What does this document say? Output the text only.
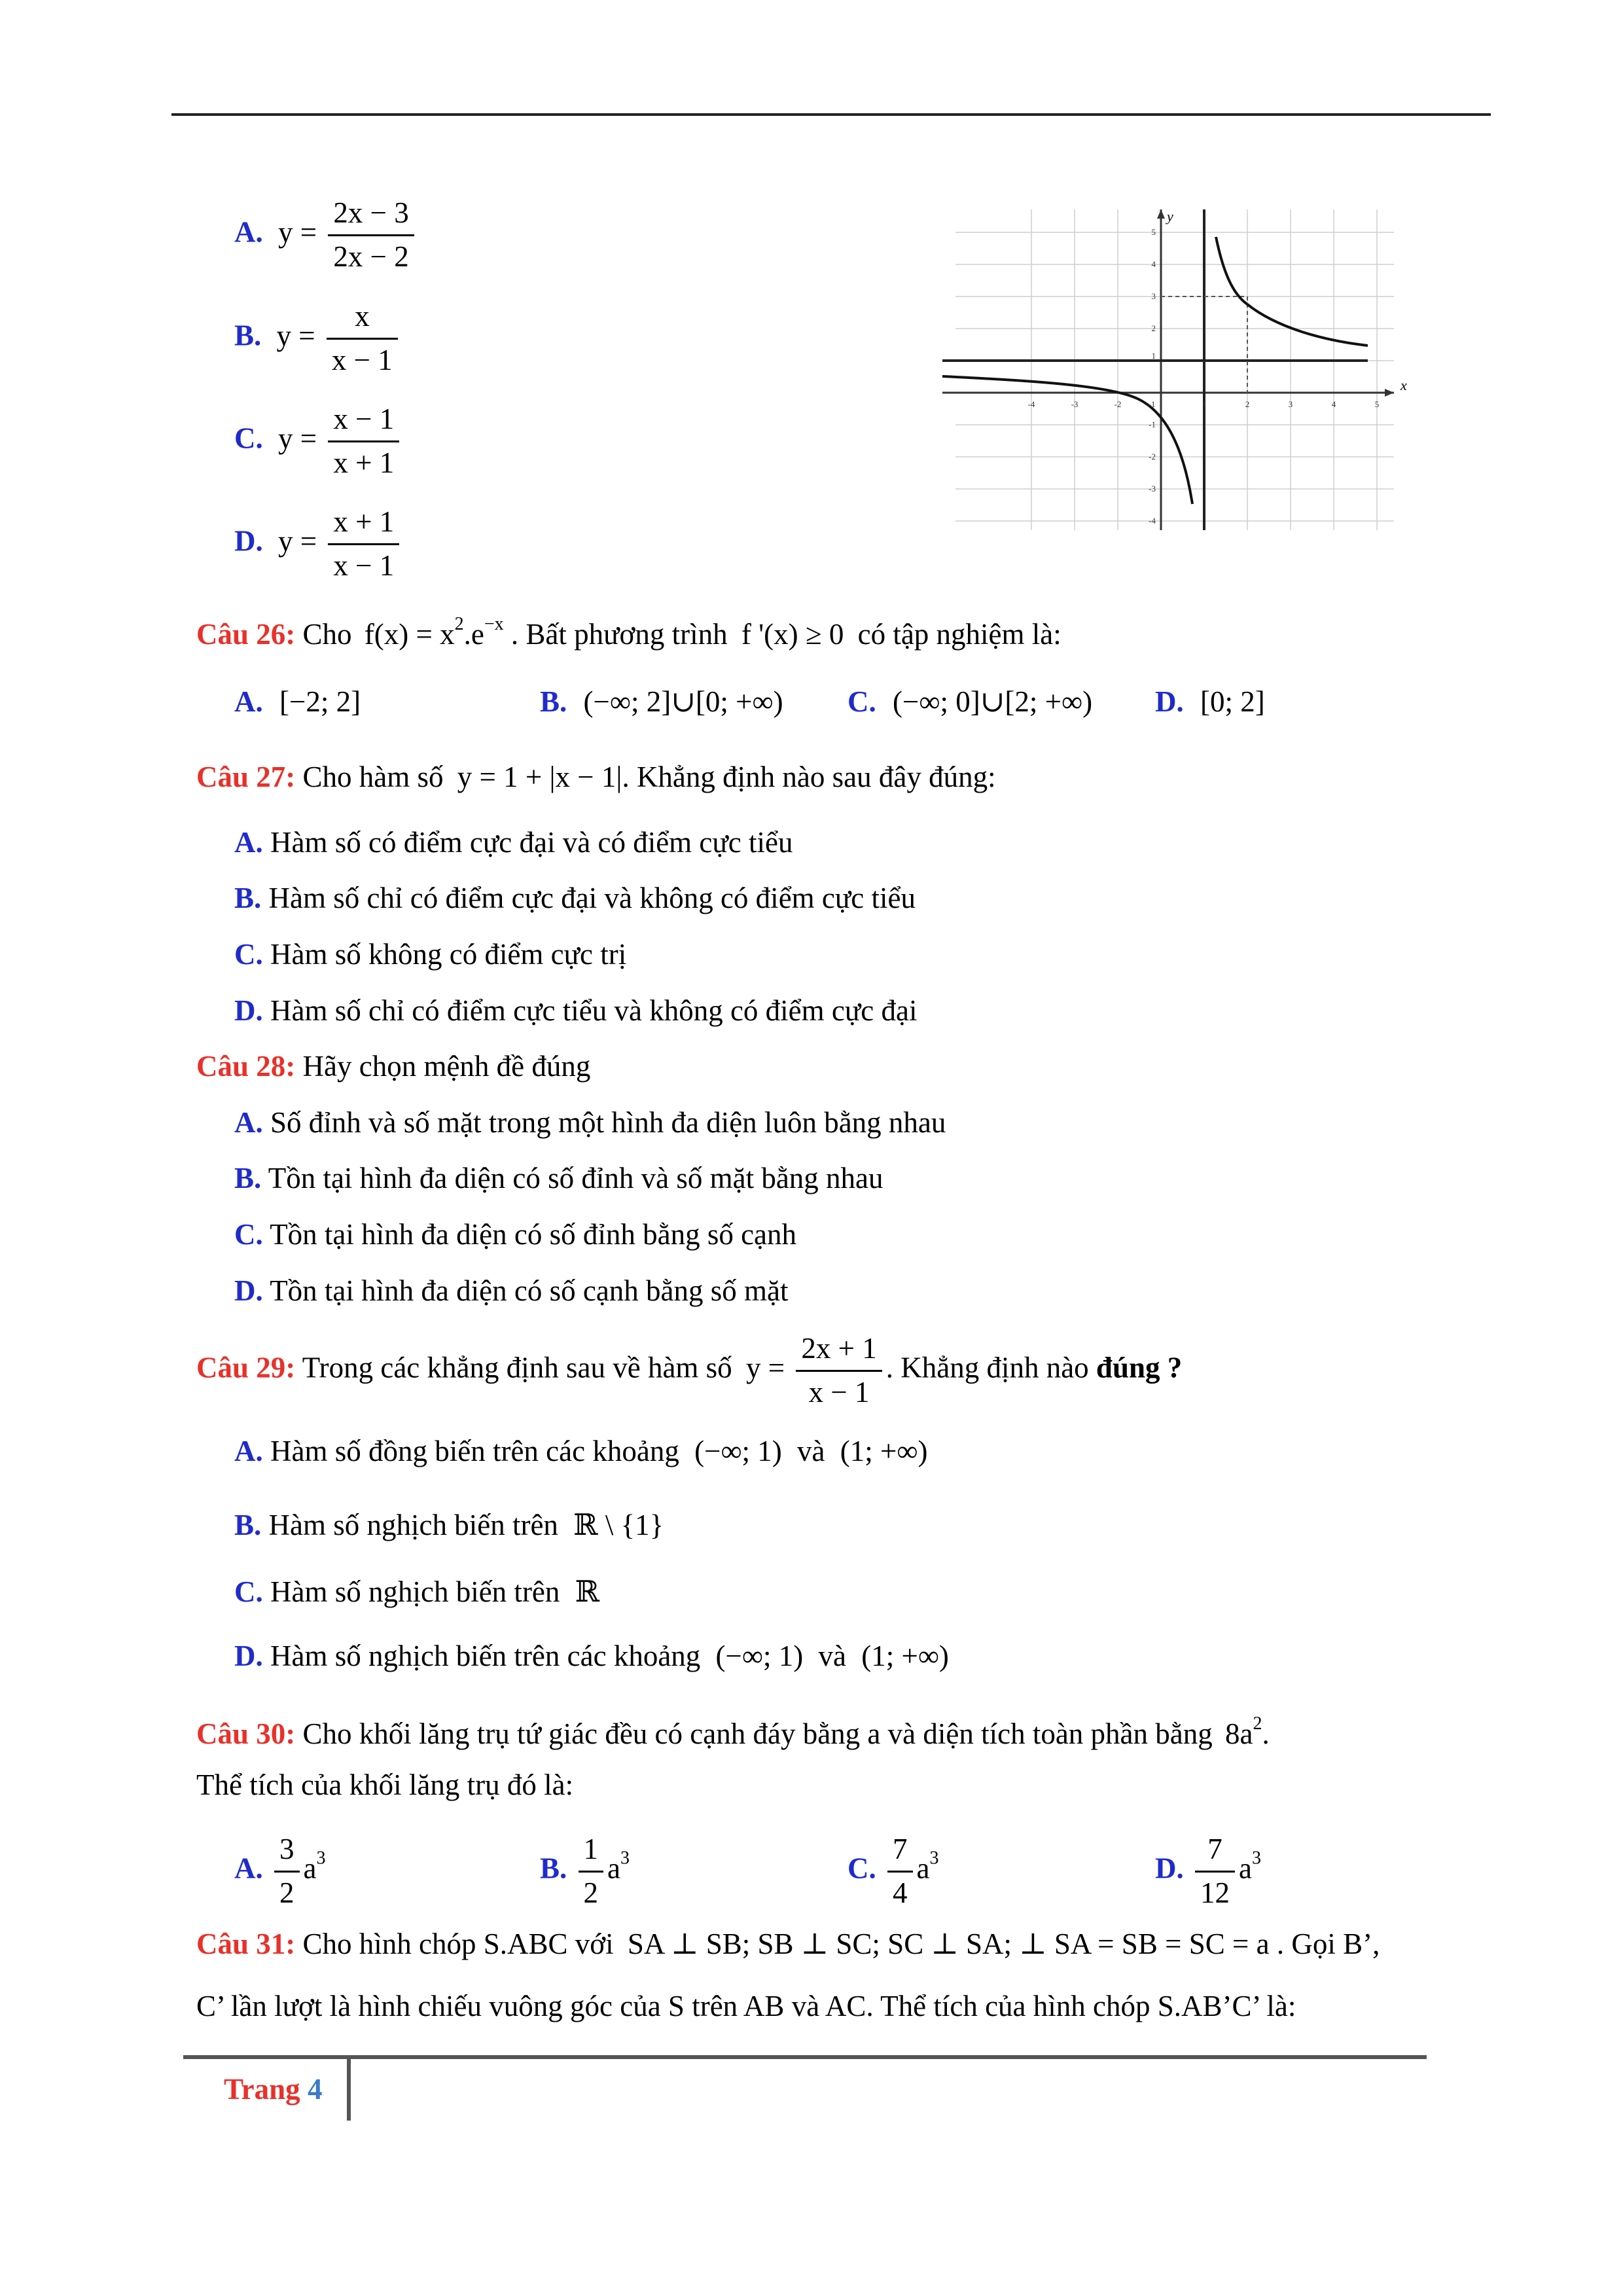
A. $y = \frac{2x - 3}{2x - 2}$
B. $y = \frac{x}{x - 1}$
C. $y = \frac{x - 1}{x + 1}$
D. $y = \frac{x + 1}{x - 1}$
x
y
-4	-3	-2	-1	1	2	3	4	5
5
4
3
2
1
-1
-2
-3
-4
Câu 26: Cho $f(x) = x^2.e^{-x}$ . Bất phương trình f '(x) ≥ 0 có tập nghiệm là:
A. [−2; 2]	B. (−∞; 2]∪[0; +∞) C. (−∞; 0]∪[2; +∞) D. [0; 2]
Câu 27: Cho hàm số y = 1 + |x − 1|. Khẳng định nào sau đây đúng:
A. Hàm số có điểm cực đại và có điểm cực tiểu
B. Hàm số chỉ có điểm cực đại và không có điểm cực tiểu
C. Hàm số không có điểm cực trị
D. Hàm số chỉ có điểm cực tiểu và không có điểm cực đại
Câu 28: Hãy chọn mệnh đề đúng
A. Số đỉnh và số mặt trong một hình đa diện luôn bằng nhau
B. Tồn tại hình đa diện có số đỉnh và số mặt bằng nhau
C. Tồn tại hình đa diện có số đỉnh bằng số cạnh
D. Tồn tại hình đa diện có số cạnh bằng số mặt
Câu 29: Trong các khẳng định sau về hàm số $y = \frac{2x + 1}{x - 1}$ . Khẳng định nào đúng ?
A. Hàm số đồng biến trên các khoảng (−∞; 1) và (1; +∞)
B. Hàm số nghịch biến trên ℝ \ {1}
C. Hàm số nghịch biến trên ℝ
D. Hàm số nghịch biến trên các khoảng (−∞; 1) và (1; +∞)
Câu 30: Cho khối lăng trụ tứ giác đều có cạnh đáy bằng a và diện tích toàn phần bằng $8a^2$.
Thể tích của khối lăng trụ đó là:
A. $\frac{3}{2} a^3$	B. $\frac{1}{2} a^3$	C. $\frac{7}{4} a^3$	D. $\frac{7}{12} a^3$
Câu 31: Cho hình chóp S.ABC với SA ⊥ SB; SB ⊥ SC; SC ⊥ SA; ⊥ SA = SB = SC = a . Gọi B’,
C’ lần lượt là hình chiếu vuông góc của S trên AB và AC. Thể tích của hình chóp S.AB’C’ là:
Trang 4
